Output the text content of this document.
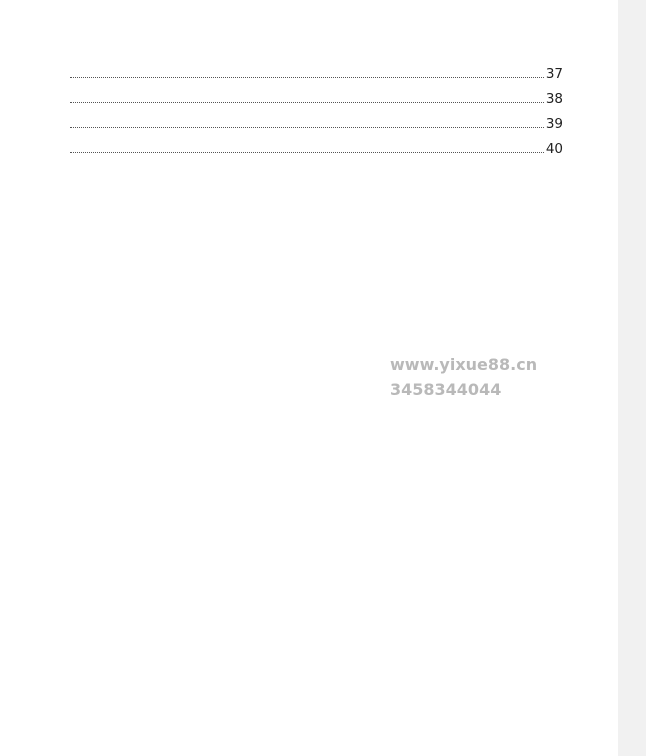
37
38
39
40
www.yixue88.cn
3458344044
